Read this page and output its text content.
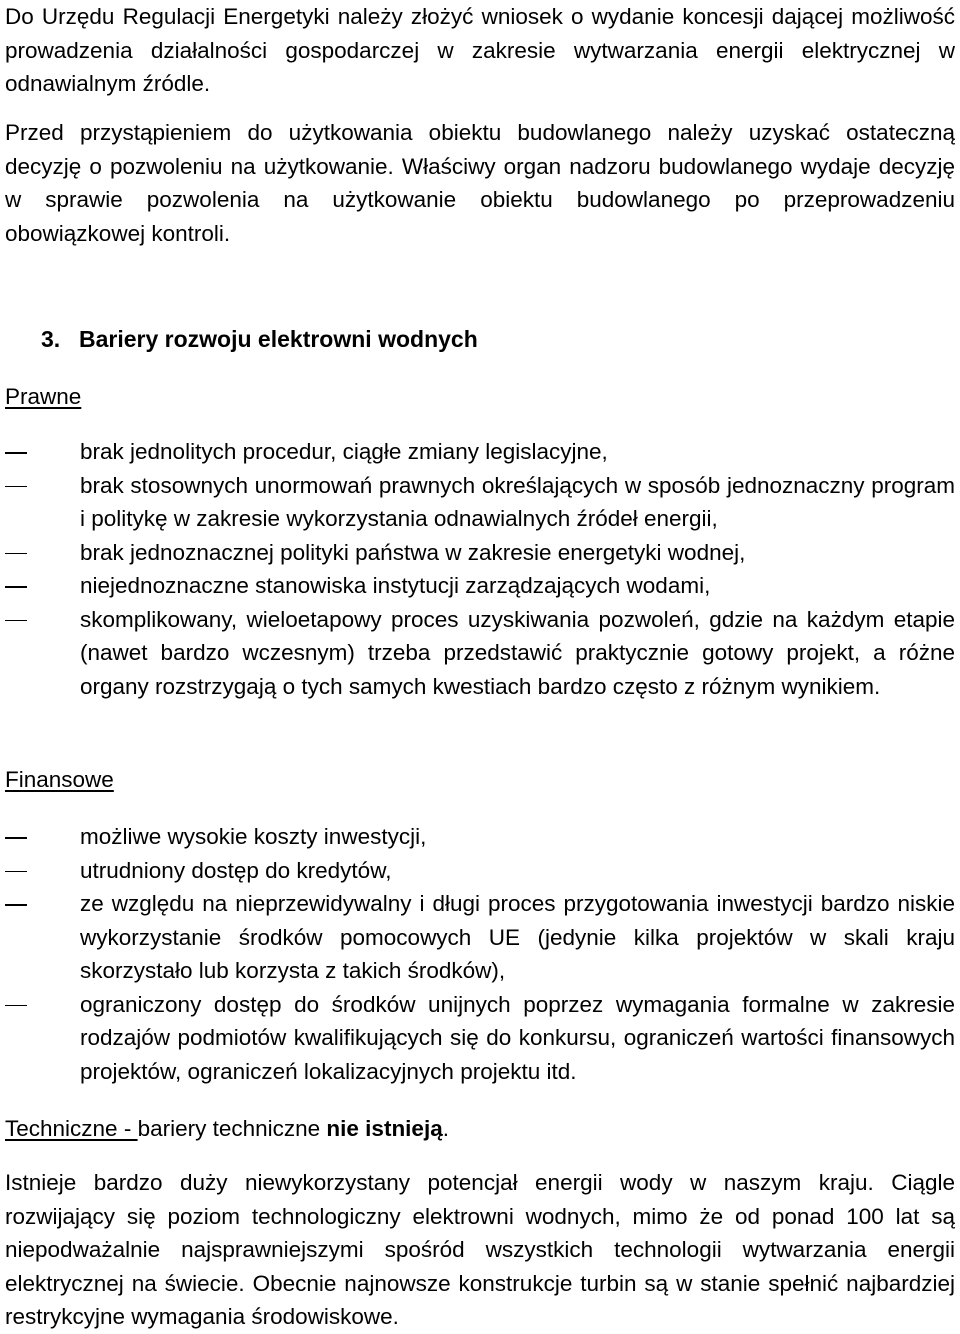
Do Urzędu Regulacji Energetyki należy złożyć wniosek o wydanie koncesji dającej możliwość prowadzenia działalności gospodarczej w zakresie wytwarzania energii elektrycznej w odnawialnym źródle.
Przed przystąpieniem do użytkowania obiektu budowlanego należy uzyskać ostateczną decyzję o pozwoleniu na użytkowanie. Właściwy organ nadzoru budowlanego wydaje decyzję w sprawie pozwolenia na użytkowanie obiektu budowlanego po przeprowadzeniu obowiązkowej kontroli.
3. Bariery rozwoju elektrowni wodnych
Prawne
brak jednolitych procedur, ciągłe zmiany legislacyjne,
brak stosownych unormowań prawnych określających w sposób jednoznaczny program i politykę w zakresie wykorzystania odnawialnych źródeł energii,
brak jednoznacznej polityki państwa w zakresie energetyki wodnej,
niejednoznaczne stanowiska instytucji zarządzających wodami,
skomplikowany, wieloetapowy proces uzyskiwania pozwoleń, gdzie na każdym etapie (nawet bardzo wczesnym) trzeba przedstawić praktycznie gotowy projekt, a różne organy rozstrzygają o tych samych kwestiach bardzo często z różnym wynikiem.
Finansowe
możliwe wysokie koszty inwestycji,
utrudniony dostęp do kredytów,
ze względu na nieprzewidywalny i długi proces przygotowania inwestycji bardzo niskie wykorzystanie środków pomocowych UE (jedynie kilka projektów w skali kraju skorzystało lub korzysta z takich środków),
ograniczony dostęp do środków unijnych poprzez wymagania formalne w zakresie rodzajów podmiotów kwalifikujących się do konkursu, ograniczeń wartości finansowych projektów, ograniczeń lokalizacyjnych projektu itd.
Techniczne - bariery techniczne nie istnieją.
Istnieje bardzo duży niewykorzystany potencjał energii wody w naszym kraju. Ciągle rozwijający się poziom technologiczny elektrowni wodnych, mimo że od ponad 100 lat są niepodważalnie najsprawniejszymi spośród wszystkich technologii wytwarzania energii elektrycznej na świecie. Obecnie najnowsze konstrukcje turbin są w stanie spełnić najbardziej restrykcyjne wymagania środowiskowe.
